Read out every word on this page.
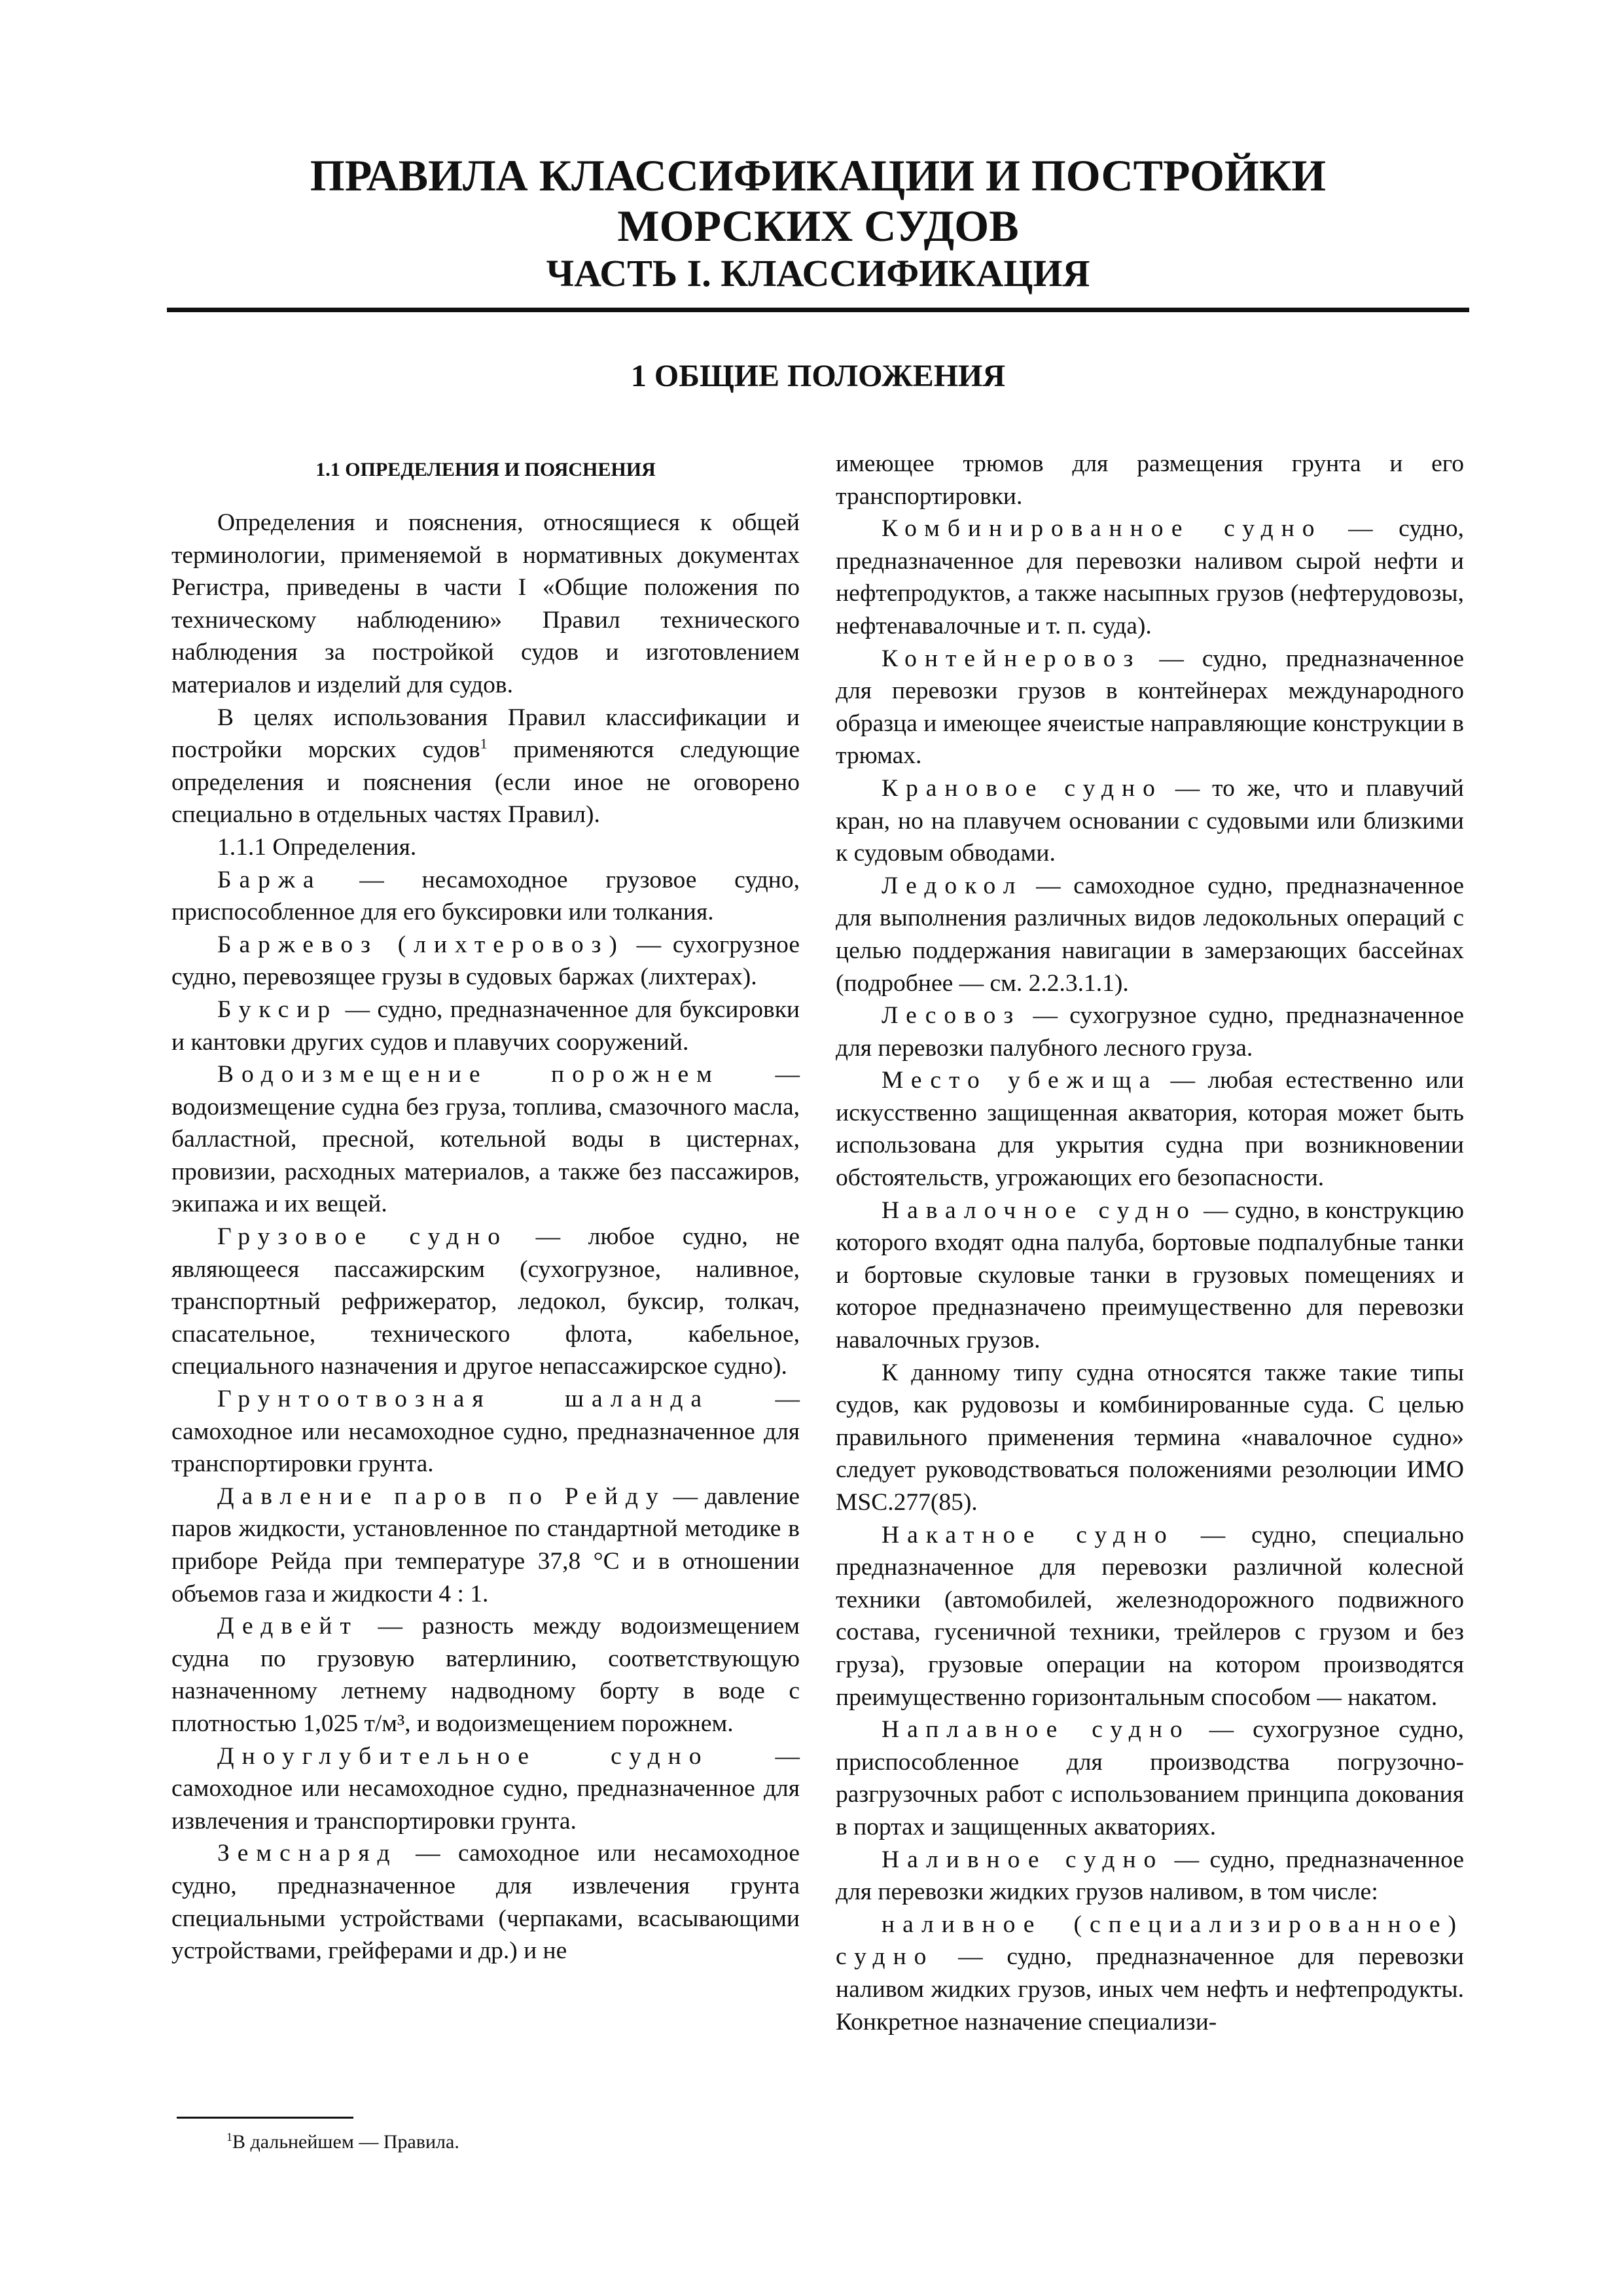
ПРАВИЛА КЛАССИФИКАЦИИ И ПОСТРОЙКИ
МОРСКИХ СУДОВ
ЧАСТЬ I. КЛАССИФИКАЦИЯ
1 ОБЩИЕ ПОЛОЖЕНИЯ

1.1 ОПРЕДЕЛЕНИЯ И ПОЯСНЕНИЯ

Определения и пояснения, относящиеся к общей терминологии, применяемой в нормативных документах Регистра, приведены в части I «Общие положения по техническому наблюдению» Правил технического наблюдения за постройкой судов и изготовлением материалов и изделий для судов.

В целях использования Правил классификации и постройки морских судов$^1$ применяются следующие определения и пояснения (если иное не оговорено специально в отдельных частях Правил).

1.1.1 Определения.

Баржа — несамоходное грузовое судно, приспособленное для его буксировки или толкания.

Баржевоз (лихтеровоз) — сухогрузное судно, перевозящее грузы в судовых баржах (лихтерах).

Буксир — судно, предназначенное для буксировки и кантовки других судов и плавучих сооружений.

Водоизмещение порожнем — водоизмещение судна без груза, топлива, смазочного масла, балластной, пресной, котельной воды в цистернах, провизии, расходных материалов, а также без пассажиров, экипажа и их вещей.

Грузовое судно — любое судно, не являющееся пассажирским (сухогрузное, наливное, транспортный рефрижератор, ледокол, буксир, толкач, спасательное, технического флота, кабельное, специального назначения и другое непассажирское судно).

Грунтоотвозная шаланда — самоходное или несамоходное судно, предназначенное для транспортировки грунта.

Давление паров по Рейду — давление паров жидкости, установленное по стандартной методике в приборе Рейда при температуре 37,8 °С и в отношении объемов газа и жидкости 4 : 1.

Дедвейт — разность между водоизмещением судна по грузовую ватерлинию, соответствующую назначенному летнему надводному борту в воде с плотностью 1,025 т/м³, и водоизмещением порожнем.

Дноуглубительное судно — самоходное или несамоходное судно, предназначенное для извлечения и транспортировки грунта.

Земснаряд — самоходное или несамоходное судно, предназначенное для извлечения грунта специальными устройствами (черпаками, всасывающими устройствами, грейферами и др.) и не

имеющее трюмов для размещения грунта и его транспортировки.

Комбинированное судно — судно, предназначенное для перевозки наливом сырой нефти и нефтепродуктов, а также насыпных грузов (нефтерудовозы, нефтенавалочные и т. п. суда).

Контейнеровоз — судно, предназначенное для перевозки грузов в контейнерах международного образца и имеющее ячеистые направляющие конструкции в трюмах.

Крановое судно — то же, что и плавучий кран, но на плавучем основании с судовыми или близкими к судовым обводами.

Ледокол — самоходное судно, предназначенное для выполнения различных видов ледокольных операций с целью поддержания навигации в замерзающих бассейнах (подробнее — см. 2.2.3.1.1).

Лесовоз — сухогрузное судно, предназначенное для перевозки палубного лесного груза.

Место убежища — любая естественно или искусственно защищенная акватория, которая может быть использована для укрытия судна при возникновении обстоятельств, угрожающих его безопасности.

Навалочное судно — судно, в конструкцию которого входят одна палуба, бортовые подпалубные танки и бортовые скуловые танки в грузовых помещениях и которое предназначено преимущественно для перевозки навалочных грузов.

К данному типу судна относятся также такие типы судов, как рудовозы и комбинированные суда. С целью правильного применения термина «навалочное судно» следует руководствоваться положениями резолюции ИМО MSC.277(85).

Накатное судно — судно, специально предназначенное для перевозки различной колесной техники (автомобилей, железнодорожного подвижного состава, гусеничной техники, трейлеров с грузом и без груза), грузовые операции на котором производятся преимущественно горизонтальным способом — накатом.

Наплавное судно — сухогрузное судно, приспособленное для производства погрузочно-разгрузочных работ с использованием принципа докования в портах и защищенных акваториях.

Наливное судно — судно, предназначенное для перевозки жидких грузов наливом, в том числе:

наливное (специализированное) судно — судно, предназначенное для перевозки наливом жидких грузов, иных чем нефть и нефтепродукты. Конкретное назначение специализи-

$^1$В дальнейшем — Правила.
